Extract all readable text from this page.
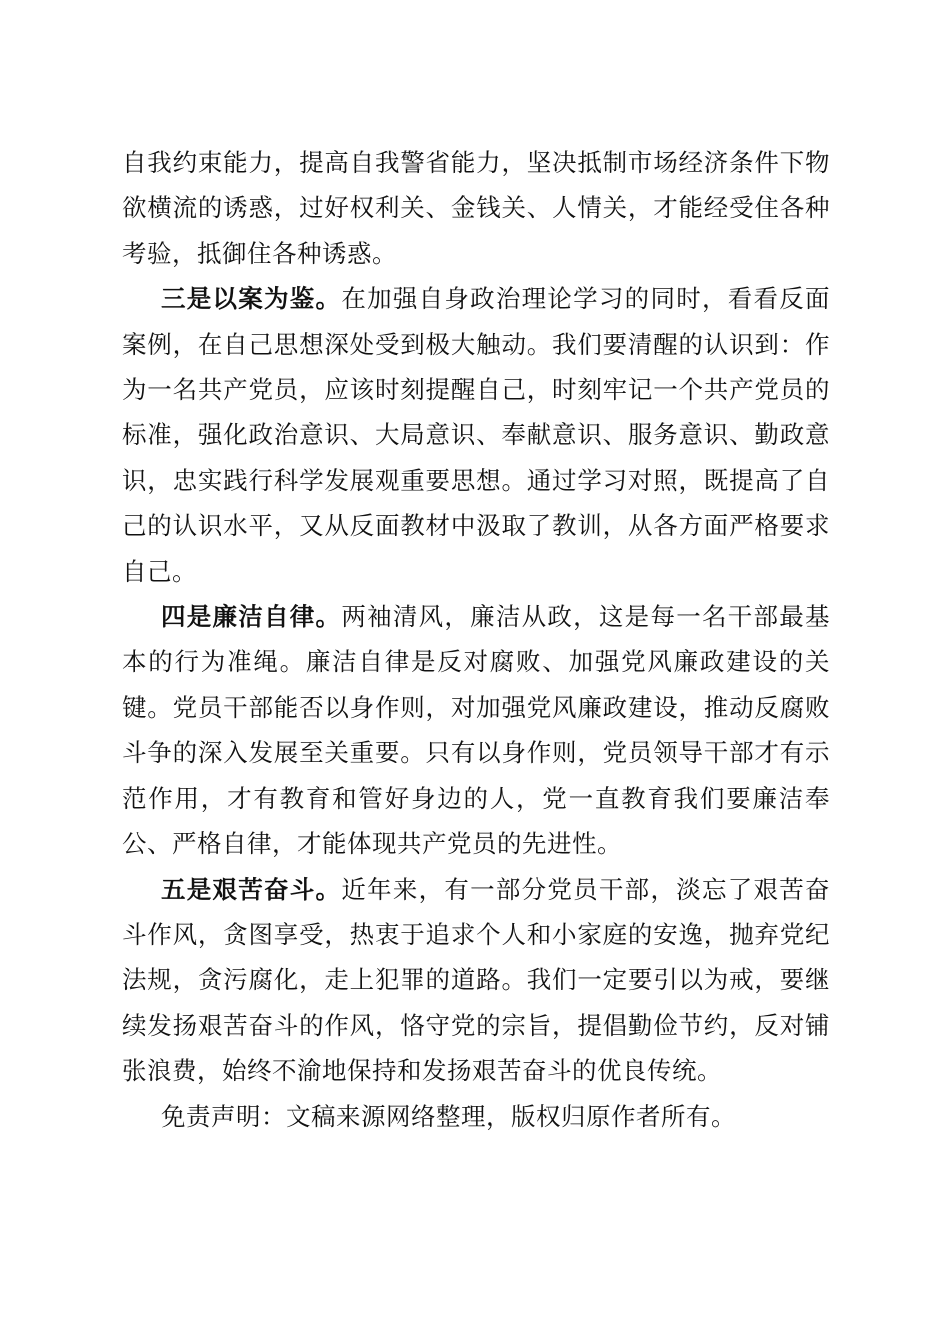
自我约束能力，提高自我警省能力，坚决抵制市场经济条件下物欲横流的诱惑，过好权利关、金钱关、人情关，才能经受住各种考验，抵御住各种诱惑。

三是以案为鉴。在加强自身政治理论学习的同时，看看反面案例，在自己思想深处受到极大触动。我们要清醒的认识到：作为一名共产党员，应该时刻提醒自己，时刻牢记一个共产党员的标准，强化政治意识、大局意识、奉献意识、服务意识、勤政意识，忠实践行科学发展观重要思想。通过学习对照，既提高了自己的认识水平，又从反面教材中汲取了教训，从各方面严格要求自己。

四是廉洁自律。两袖清风，廉洁从政，这是每一名干部最基本的行为准绳。廉洁自律是反对腐败、加强党风廉政建设的关键。党员干部能否以身作则，对加强党风廉政建设，推动反腐败斗争的深入发展至关重要。只有以身作则，党员领导干部才有示范作用，才有教育和管好身边的人，党一直教育我们要廉洁奉公、严格自律，才能体现共产党员的先进性。

五是艰苦奋斗。近年来，有一部分党员干部，淡忘了艰苦奋斗作风，贪图享受，热衷于追求个人和小家庭的安逸，抛弃党纪法规，贪污腐化，走上犯罪的道路。我们一定要引以为戒，要继续发扬艰苦奋斗的作风，恪守党的宗旨，提倡勤俭节约，反对铺张浪费，始终不渝地保持和发扬艰苦奋斗的优良传统。

免责声明：文稿来源网络整理，版权归原作者所有。
